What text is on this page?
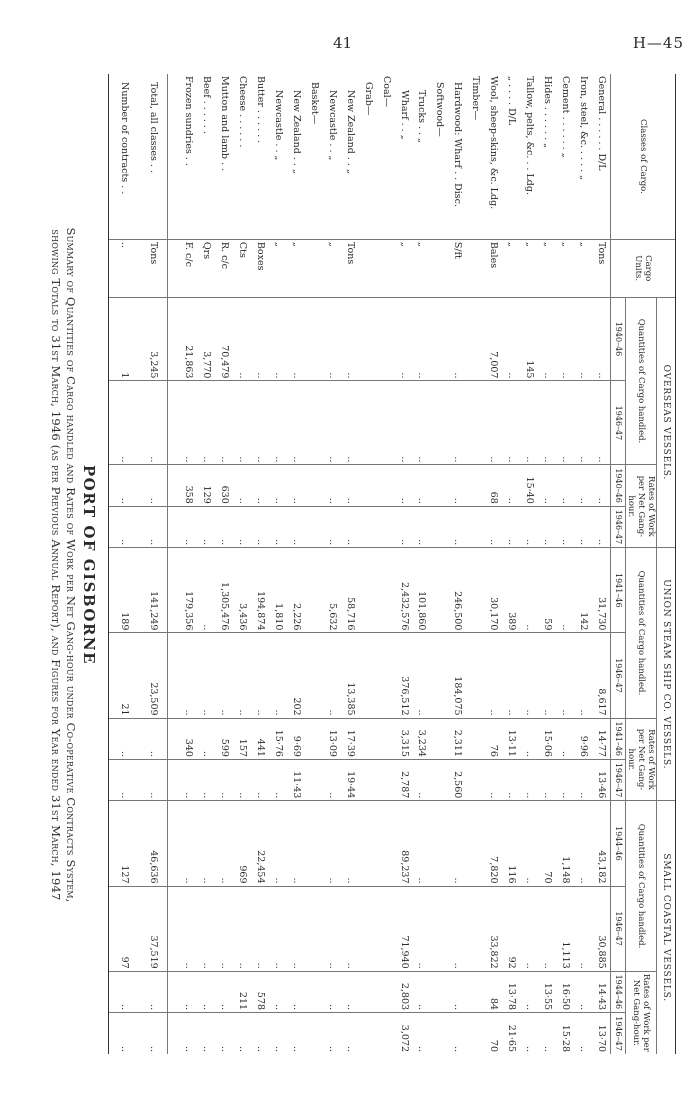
41	H—45
PORT OF GISBORNE
Summary of Quantities of Cargo handled and Rates of Work per Net Gang-hour under Co-operative Contracts System,
showing Totals to 31st March, 1946 (as per Previous Annual Report), and Figures for Year ended 31st March, 1947
Classes of Cargo.	Cargo Units.	OVERSEAS VESSELS.				UNION STEAM SHIP CO. VESSELS.				SMALL COASTAL VESSELS.			
		Quantities of Cargo handled.		Rates of Work per Net Gang-hour.		Quantities of Cargo handled.		Rates of Work per Net Gang-hour.		Quantities of Cargo handled.		Rates of Work per Net Gang-hour.	
		1940–46	1946–47	1940–46	1946–47	1941–46	1946–47	1941–46	1946–47	1944–46	1946–47	1944–46	1946–47
General . . . . . . D/L	Tons	..	..	..	..	31,730	8,617	14·77	13·46	43,182	30,885	14·43	13·70
Iron, steel, &c. . . . . „	„	..	..	..	..	142	..	9·96	..	..	..	..	..
Cement . . . . . . „	„	..	..	..	..	..	..	..	..	1,148	1,113	16·50	15·28
Hides . . . . . . „	„	..	..	..	..	59	..	15·06	..	70	..	13·55	..
Tallow, pelts, &c. . . Ldg.	„	145	..	15·40	..	..	..	..	..	..	..	..	..
„ . . . . D/L	„	..	..	..	..	389	..	13·11	..	116	92	13·78	21·65
Wool, sheep-skins, &c. Ldg.	Bales	7,007	..	68	..	30,170	..	76	..	7,820	33,822	84	70
Timber—													
Hardwood: Wharf . . Disc.	S/ft	..	..	..	..	246,500	184,075	2,311	2,560	..	..	..	..
Softwood—													
Trucks . . „	„	..	..	..	..	101,860	..	3,234	..	..	..	..	..
Wharf . . „	„	..	..	..	..	2,432,576	376,512	3,315	2,787	89,237	71,940	2,803	3,072
Coal—													
Grab—													
New Zealand . . „	Tons	..	..	..	..	58,716	13,385	17·39	19·44	..	..	..	..
Newcastle . . „	„	..	..	..	..	5,632	..	13·09	..	..	..	..	..
Basket—													
New Zealand . . „	„	..	..	..	..	2,226	202	9·69	11·43	..	..	..	..
Newcastle . . „	„	..	..	..	..	1,810	..	15·76	..	..	..	..	..
Butter . . . . . .	Boxes	..	..	..	..	194,874	..	441	..	22,454	..	578	..
Cheese . . . . . .	Cts	..	..	..	..	3,436	..	157	..	969	..	211	..
Mutton and lamb . .	R. c/c	70,479	..	630	..	1,305,476	..	599	..	..	..	..	..
Beef . . . . . .	Qrs	3,770	..	129	..	..	..	..	..	..	..	..	..
Frozen sundries . .	F. c/c	21,863	..	358	..	179,356	..	340	..	..	..	..	..

Total, all classes . .	Tons	3,245	..	..	..	141,249	23,509	..	..	46,636	37,519	..	..
Number of contracts . .	..	1	..	..	..	189	21	..	..	127	97	..	..
